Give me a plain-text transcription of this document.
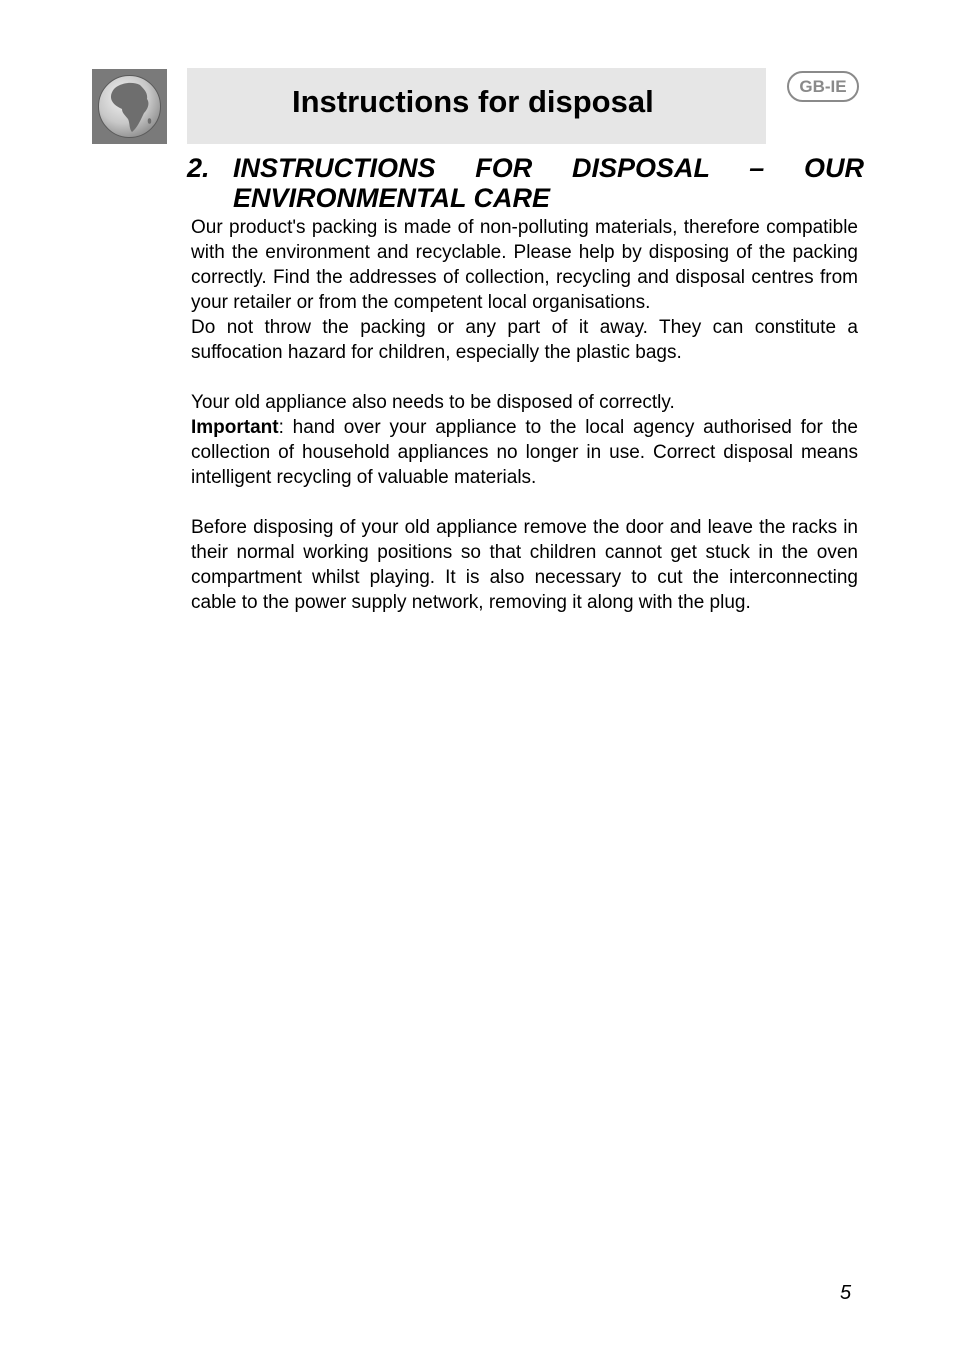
Instructions for disposal	GB-IE
2. INSTRUCTIONS FOR DISPOSAL – OUR
ENVIRONMENTAL CARE

Our product's packing is made of non-polluting materials, therefore compatible with the environment and recyclable. Please help by disposing of the packing correctly. Find the addresses of collection, recycling and disposal centres from your retailer or from the competent local organisations.

Do not throw the packing or any part of it away. They can constitute a suffocation hazard for children, especially the plastic bags.

Your old appliance also needs to be disposed of correctly.

Important: hand over your appliance to the local agency authorised for the collection of household appliances no longer in use. Correct disposal means intelligent recycling of valuable materials.

Before disposing of your old appliance remove the door and leave the racks in their normal working positions so that children cannot get stuck in the oven compartment whilst playing. It is also necessary to cut the interconnecting cable to the power supply network, removing it along with the plug.

5
